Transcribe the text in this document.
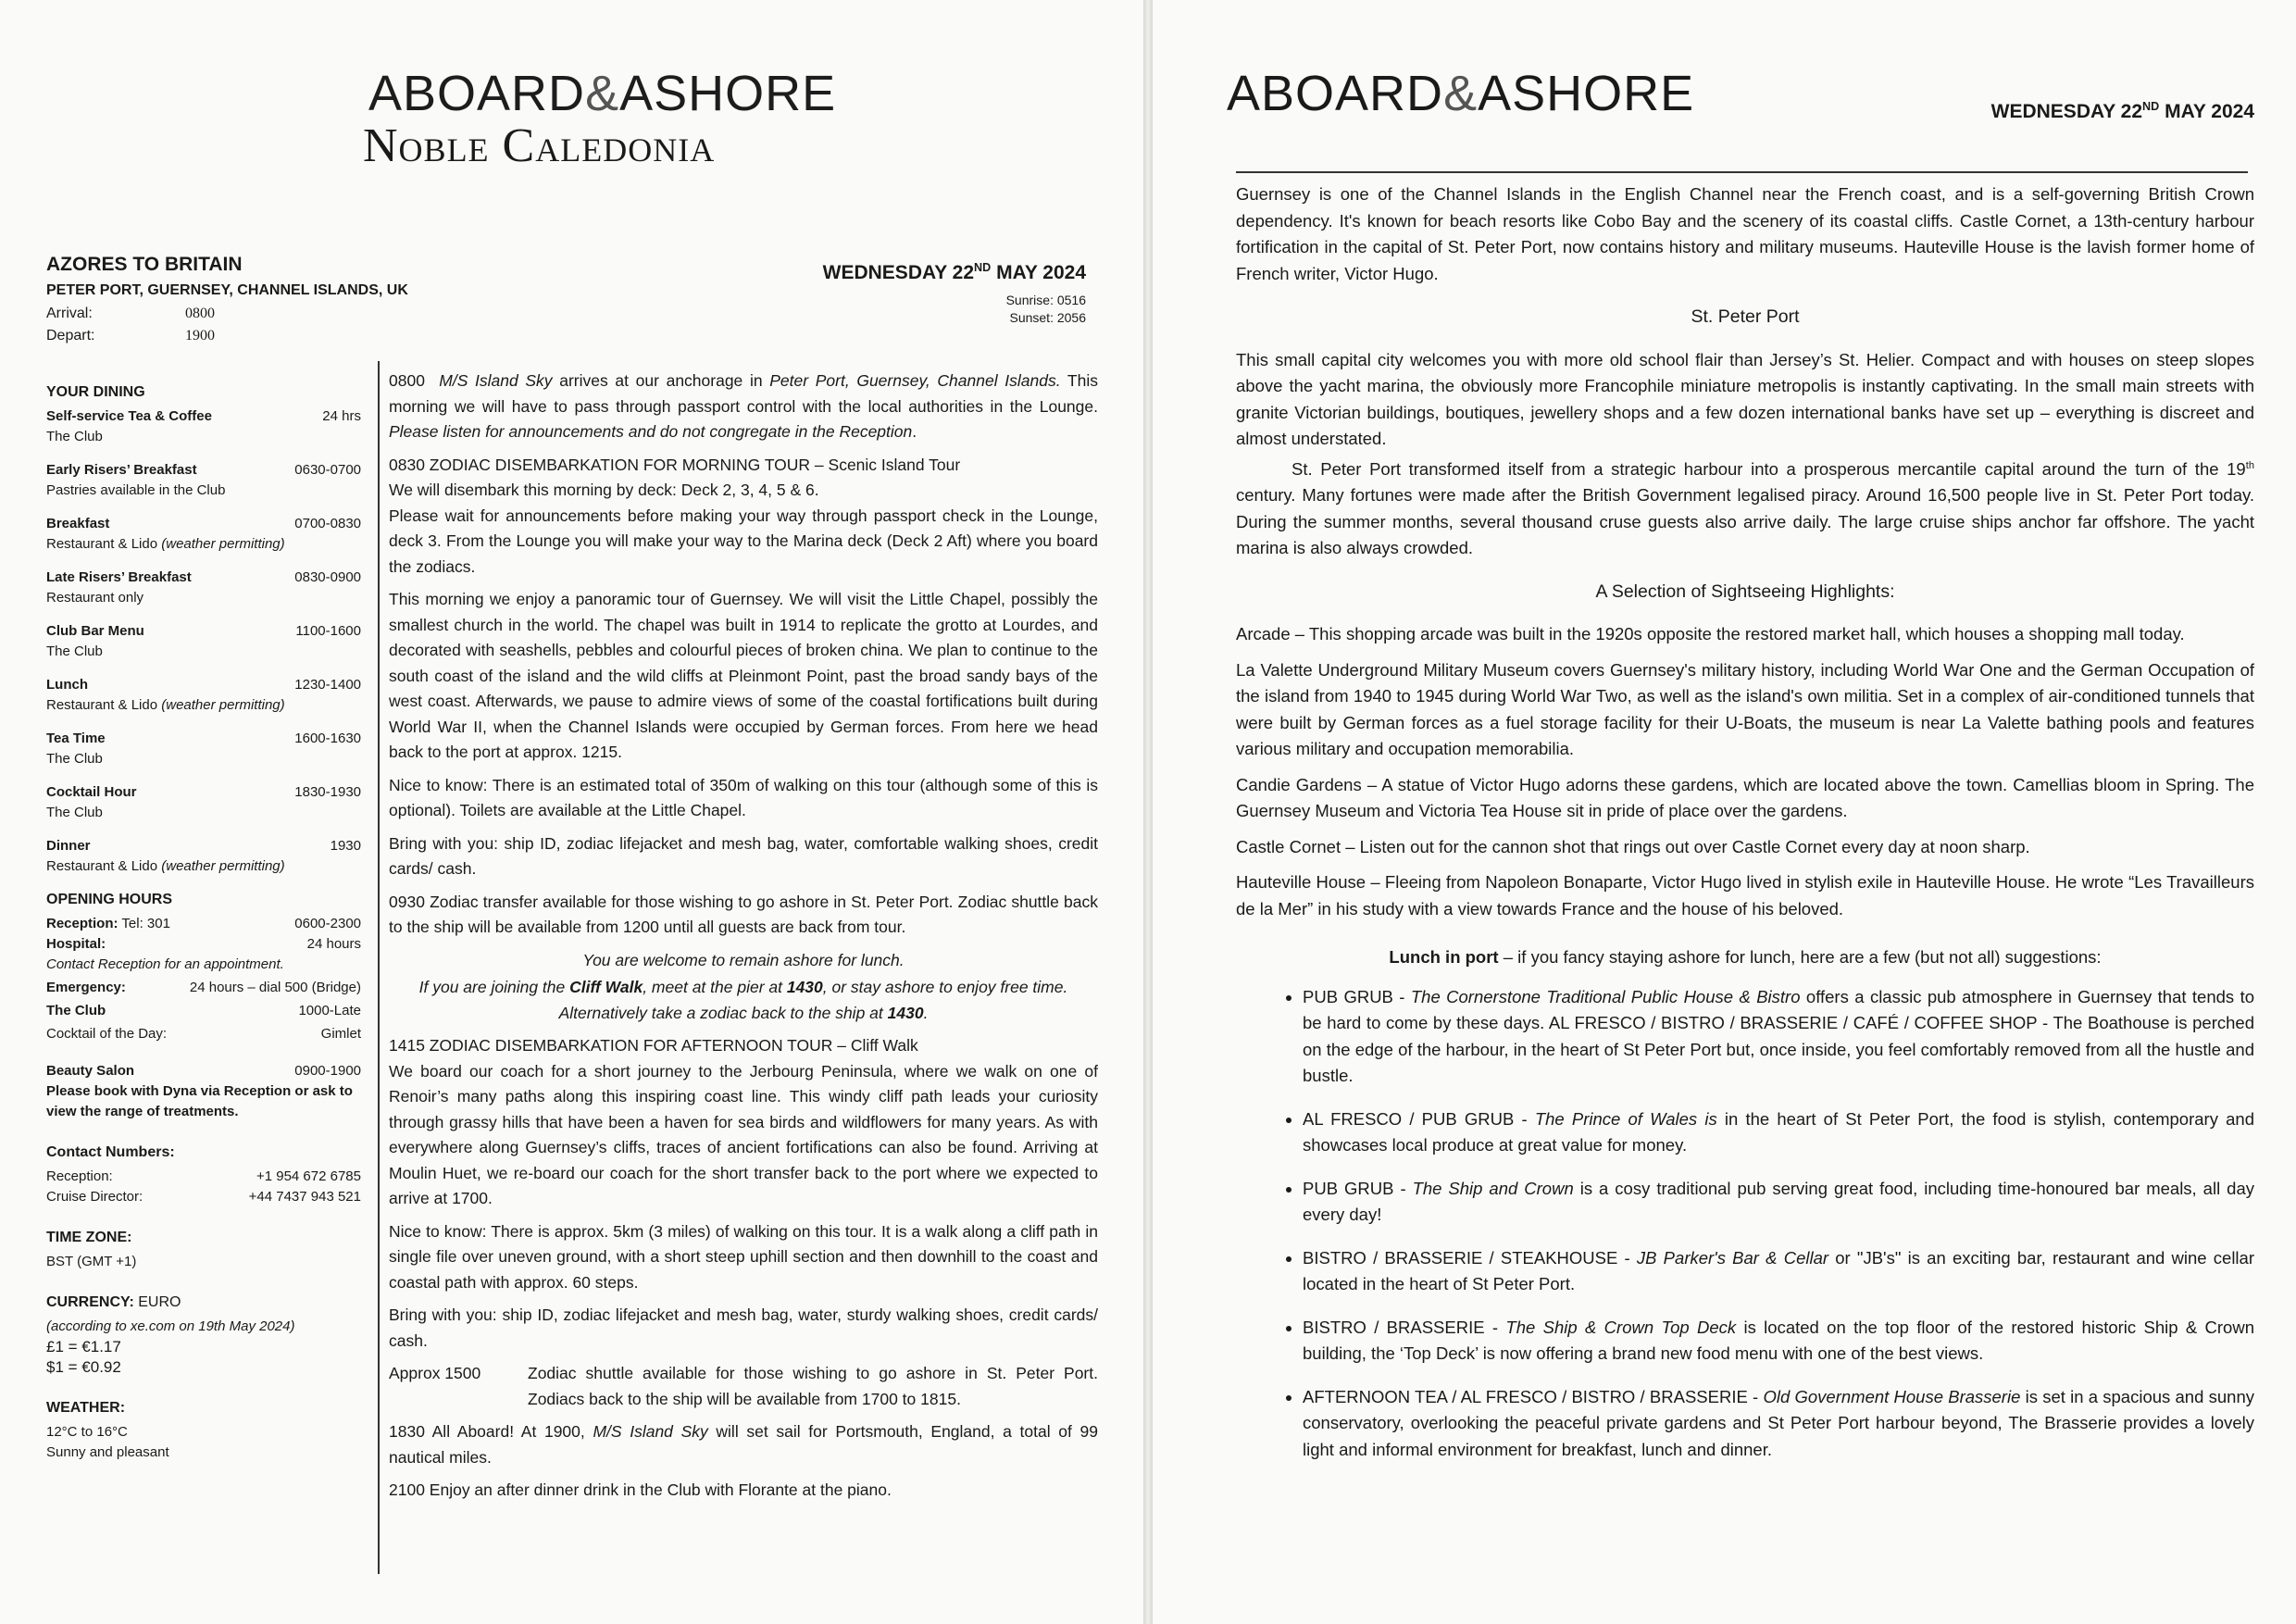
ABOARD&ASHORE
Noble Caledonia
AZORES TO BRITAIN
PETER PORT, GUERNSEY, CHANNEL ISLANDS, UK
Arrival:	0800
Depart:	1900
WEDNESDAY 22ND MAY 2024
Sunrise: 0516
Sunset: 2056
YOUR DINING
Self-service Tea & Coffee	24 hrs
The Club
Early Risers’ Breakfast	0630-0700
Pastries available in the Club
Breakfast	0700-0830
Restaurant & Lido (weather permitting)
Late Risers’ Breakfast	0830-0900
Restaurant only
Club Bar Menu	1100-1600
The Club
Lunch	1230-1400
Restaurant & Lido (weather permitting)
Tea Time	1600-1630
The Club
Cocktail Hour	1830-1930
The Club
Dinner	1930
Restaurant & Lido (weather permitting)
OPENING HOURS
Reception: Tel: 301	0600-2300
Hospital:	24 hours
Contact Reception for an appointment.
Emergency:	24 hours – dial 500 (Bridge)
The Club	1000-Late
Cocktail of the Day:	Gimlet
Beauty Salon	0900-1900
Please book with Dyna via Reception or ask to view the range of treatments.
Contact Numbers:
Reception:	+1 954 672 6785
Cruise Director:	+44 7437 943 521
TIME ZONE:
BST (GMT +1)
CURRENCY: EURO
(according to xe.com on 19th May 2024)
£1 = €1.17
$1 = €0.92
WEATHER:
12°C to 16°C
Sunny and pleasant

0800 M/S Island Sky arrives at our anchorage in Peter Port, Guernsey, Channel Islands. This morning we will have to pass through passport control with the local authorities in the Lounge. Please listen for announcements and do not congregate in the Reception.

0830 ZODIAC DISEMBARKATION FOR MORNING TOUR – Scenic Island Tour
We will disembark this morning by deck: Deck 2, 3, 4, 5 & 6.
Please wait for announcements before making your way through passport check in the Lounge, deck 3. From the Lounge you will make your way to the Marina deck (Deck 2 Aft) where you board the zodiacs.

This morning we enjoy a panoramic tour of Guernsey. We will visit the Little Chapel, possibly the smallest church in the world. The chapel was built in 1914 to replicate the grotto at Lourdes, and decorated with seashells, pebbles and colourful pieces of broken china. We plan to continue to the south coast of the island and the wild cliffs at Pleinmont Point, past the broad sandy bays of the west coast. Afterwards, we pause to admire views of some of the coastal fortifications built during World War II, when the Channel Islands were occupied by German forces. From here we head back to the port at approx. 1215.

Nice to know: There is an estimated total of 350m of walking on this tour (although some of this is optional). Toilets are available at the Little Chapel.

Bring with you: ship ID, zodiac lifejacket and mesh bag, water, comfortable walking shoes, credit cards/ cash.

0930 Zodiac transfer available for those wishing to go ashore in St. Peter Port. Zodiac shuttle back to the ship will be available from 1200 until all guests are back from tour.

You are welcome to remain ashore for lunch.

If you are joining the Cliff Walk, meet at the pier at 1430, or stay ashore to enjoy free time. Alternatively take a zodiac back to the ship at 1430.

1415 ZODIAC DISEMBARKATION FOR AFTERNOON TOUR – Cliff Walk
We board our coach for a short journey to the Jerbourg Peninsula, where we walk on one of Renoir’s many paths along this inspiring coast line. This windy cliff path leads your curiosity through grassy hills that have been a haven for sea birds and wildflowers for many years. As with everywhere along Guernsey’s cliffs, traces of ancient fortifications can also be found. Arriving at Moulin Huet, we re-board our coach for the short transfer back to the port where we expected to arrive at 1700.

Nice to know: There is approx. 5km (3 miles) of walking on this tour. It is a walk along a cliff path in single file over uneven ground, with a short steep uphill section and then downhill to the coast and coastal path with approx. 60 steps.

Bring with you: ship ID, zodiac lifejacket and mesh bag, water, sturdy walking shoes, credit cards/ cash.

Approx 1500	Zodiac shuttle available for those wishing to go ashore in St. Peter Port. Zodiacs back to the ship will be available from 1700 to 1815.

1830 All Aboard! At 1900, M/S Island Sky will set sail for Portsmouth, England, a total of 99 nautical miles.

2100 Enjoy an after dinner drink in the Club with Florante at the piano.

ABOARD&ASHORE	WEDNESDAY 22ND MAY 2024

Guernsey is one of the Channel Islands in the English Channel near the French coast, and is a self-governing British Crown dependency. It's known for beach resorts like Cobo Bay and the scenery of its coastal cliffs. Castle Cornet, a 13th-century harbour fortification in the capital of St. Peter Port, now contains history and military museums. Hauteville House is the lavish former home of French writer, Victor Hugo.

St. Peter Port

This small capital city welcomes you with more old school flair than Jersey’s St. Helier. Compact and with houses on steep slopes above the yacht marina, the obviously more Francophile miniature metropolis is instantly captivating. In the small main streets with granite Victorian buildings, boutiques, jewellery shops and a few dozen international banks have set up – everything is discreet and almost understated.

St. Peter Port transformed itself from a strategic harbour into a prosperous mercantile capital around the turn of the 19th century. Many fortunes were made after the British Government legalised piracy. Around 16,500 people live in St. Peter Port today. During the summer months, several thousand cruse guests also arrive daily. The large cruise ships anchor far offshore. The yacht marina is also always crowded.

A Selection of Sightseeing Highlights:

Arcade – This shopping arcade was built in the 1920s opposite the restored market hall, which houses a shopping mall today.

La Valette Underground Military Museum covers Guernsey's military history, including World War One and the German Occupation of the island from 1940 to 1945 during World War Two, as well as the island's own militia. Set in a complex of air-conditioned tunnels that were built by German forces as a fuel storage facility for their U-Boats, the museum is near La Valette bathing pools and features various military and occupation memorabilia.

Candie Gardens – A statue of Victor Hugo adorns these gardens, which are located above the town. Camellias bloom in Spring. The Guernsey Museum and Victoria Tea House sit in pride of place over the gardens.

Castle Cornet – Listen out for the cannon shot that rings out over Castle Cornet every day at noon sharp.

Hauteville House – Fleeing from Napoleon Bonaparte, Victor Hugo lived in stylish exile in Hauteville House. He wrote “Les Travailleurs de la Mer” in his study with a view towards France and the house of his beloved.

Lunch in port – if you fancy staying ashore for lunch, here are a few (but not all) suggestions:

• PUB GRUB - The Cornerstone Traditional Public House & Bistro offers a classic pub atmosphere in Guernsey that tends to be hard to come by these days. AL FRESCO / BISTRO / BRASSERIE / CAFÉ / COFFEE SHOP - The Boathouse is perched on the edge of the harbour, in the heart of St Peter Port but, once inside, you feel comfortably removed from all the hustle and bustle.
• AL FRESCO / PUB GRUB - The Prince of Wales is in the heart of St Peter Port, the food is stylish, contemporary and showcases local produce at great value for money.
• PUB GRUB - The Ship and Crown is a cosy traditional pub serving great food, including time-honoured bar meals, all day every day!
• BISTRO / BRASSERIE / STEAKHOUSE - JB Parker's Bar & Cellar or "JB's" is an exciting bar, restaurant and wine cellar located in the heart of St Peter Port.
• BISTRO / BRASSERIE - The Ship & Crown Top Deck is located on the top floor of the restored historic Ship & Crown building, the ‘Top Deck’ is now offering a brand new food menu with one of the best views.
• AFTERNOON TEA / AL FRESCO / BISTRO / BRASSERIE - Old Government House Brasserie is set in a spacious and sunny conservatory, overlooking the peaceful private gardens and St Peter Port harbour beyond, The Brasserie provides a lovely light and informal environment for breakfast, lunch and dinner.
